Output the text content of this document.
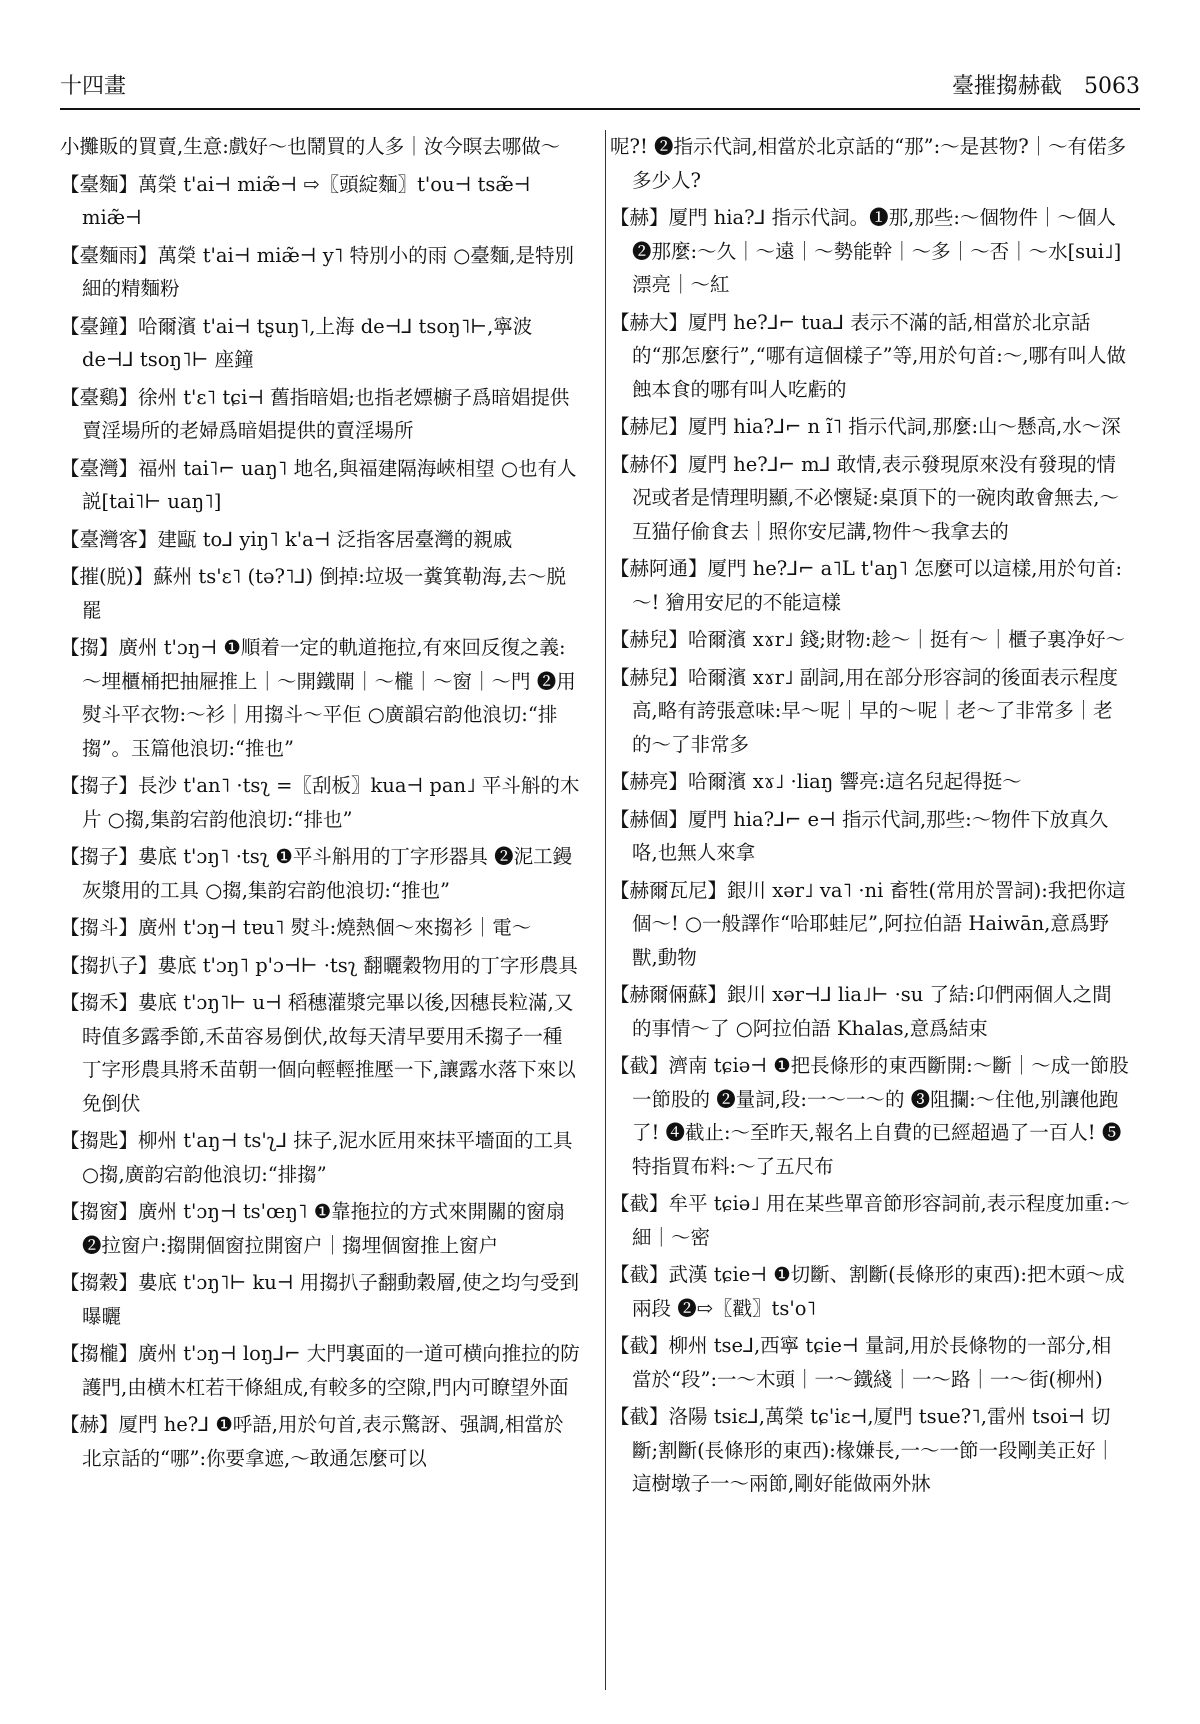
十四畫	臺摧搊赫截　5063

小攤販的買賣,生意:戲好～也鬧買的人多｜汝今暝去哪做～

【臺麵】萬榮 t'ai⊣ miæ̃⊣ ⇨〖頭綻麵〗t'ou⊣ tsæ̃⊣ miæ̃⊣

【臺麵雨】萬榮 t'ai⊣ miæ̃⊣ y˥ 特別小的雨 ○臺麵,是特別細的精麵粉

【臺鐘】哈爾濱 t'ai⊣ tʂuŋ˥,上海 de⊣⅃ tsoŋ˥⊢,寧波 de⊣⅃ tsoŋ˥⊢ 座鐘

【臺鷄】徐州 t'ɛ˥ tɕi⊣ 舊指暗娼;也指老嫖櫥子爲暗娼提供賣淫場所的老婦爲暗娼提供的賣淫場所

【臺灣】福州 tai˥⌐ uaŋ˥ 地名,與福建隔海峽相望 ○也有人説[tai˥⊢ uaŋ˥]

【臺灣客】建甌 to⅃ yiŋ˥ k'a⊣ 泛指客居臺灣的親戚

【摧(脱)】蘇州 ts'ɛ˥ (tə?˥⅃) 倒掉:垃圾一糞箕勒海,去～脱罷

【搊】廣州 t'ɔŋ⊣ ❶順着一定的軌道拖拉,有來回反復之義:～埋櫃桶把抽屜推上｜～開鐵閘｜～櫳｜～窗｜～門 ❷用熨斗平衣物:～衫｜用搊斗～平佢 ○廣韻宕韵他浪切:“排搊”。玉篇他浪切:“推也”

【搊子】長沙 t'an˥ ·tsʅ =〖刮板〗kua⊣ pan˩ 平斗斛的木片 ○搊,集韵宕韵他浪切:“排也”

【搊子】婁底 t'ɔŋ˥ ·tsʅ ❶平斗斛用的丁字形器具 ❷泥工鏝灰漿用的工具 ○搊,集韵宕韵他浪切:“推也”

【搊斗】廣州 t'ɔŋ⊣ tɐu˥ 熨斗:燒熱個～來搊衫｜電～

【搊扒子】婁底 t'ɔŋ˥ p'ɔ⊣⊢ ·tsʅ 翻曬穀物用的丁字形農具

【搊禾】婁底 t'ɔŋ˥⊢ u⊣ 稻穗灌漿完畢以後,因穗長粒滿,又時值多露季節,禾苗容易倒伏,故每天清早要用禾搊子一種丁字形農具將禾苗朝一個向輕輕推壓一下,讓露水落下來以免倒伏

【搊匙】柳州 t'aŋ⊣ ts'ʅ⅃ 抹子,泥水匠用來抹平墻面的工具 ○搊,廣韵宕韵他浪切:“排搊”

【搊窗】廣州 t'ɔŋ⊣ ts'œŋ˥ ❶靠拖拉的方式來開關的窗扇 ❷拉窗户:搊開個窗拉開窗户｜搊埋個窗推上窗户

【搊穀】婁底 t'ɔŋ˥⊢ ku⊣ 用搊扒子翻動穀層,使之均勻受到曝曬

【搊櫳】廣州 t'ɔŋ⊣ loŋ⅃⌐ 大門裏面的一道可横向推拉的防護門,由横木杠若干條組成,有較多的空隙,門内可瞭望外面

【赫】厦門 he?⅃ ❶呼語,用於句首,表示驚訝、强調,相當於北京話的“哪”:你要拿遮,～敢通怎麼可以

呢?! ❷指示代詞,相當於北京話的“那”:～是甚物?｜～有偌多多少人?

【赫】厦門 hia?⅃ 指示代詞。❶那,那些:～個物件｜～個人 ❷那麼:～久｜～遠｜～勢能幹｜～多｜～否｜～水[sui˩]漂亮｜～紅

【赫大】厦門 he?⅃⌐ tua⅃ 表示不滿的話,相當於北京話的“那怎麼行”,“哪有這個樣子”等,用於句首:～,哪有叫人做蝕本食的哪有叫人吃虧的

【赫尼】厦門 hia?⅃⌐ n ĩ˥ 指示代詞,那麼:山～懸高,水～深

【赫伓】厦門 he?⅃⌐ m⅃ 敢情,表示發現原來没有發現的情况或者是情理明顯,不必懷疑:桌頂下的一碗肉敢會無去,～互猫仔偷食去｜照你安尼講,物件～我拿去的

【赫阿通】厦門 he?⅃⌐ a˥L t'aŋ˥ 怎麼可以這樣,用於句首:～! 獪用安尼的不能這樣

【赫兒】哈爾濱 xɤr˩ 錢;財物:趁～｜挺有～｜櫃子裏净好～

【赫兒】哈爾濱 xɤr˩ 副詞,用在部分形容詞的後面表示程度高,略有誇張意味:早～呢｜早的～呢｜老～了非常多｜老的～了非常多

【赫亮】哈爾濱 xɤ˩ ·liaŋ 響亮:這名兒起得挺～

【赫個】厦門 hia?⅃⌐ e⊣ 指示代詞,那些:～物件下放真久咯,也無人來拿

【赫爾瓦尼】銀川 xər˩ va˥ ·ni 畜牲(常用於詈詞):我把你這個～! ○一般譯作“哈耶蛙尼”,阿拉伯語 Haiwān,意爲野獸,動物

【赫爾倆蘇】銀川 xər⊣⅃ lia˩⊢ ·su 了結:卬們兩個人之間的事情～了 ○阿拉伯語 Khalas,意爲結束

【截】濟南 tɕiə⊣ ❶把長條形的東西斷開:～斷｜～成一節股一節股的 ❷量詞,段:一～一～的 ❸阻攔:～住他,别讓他跑了! ❹截止:～至昨天,報名上自費的已經超過了一百人! ❺特指買布料:～了五尺布

【截】牟平 tɕiə˩ 用在某些單音節形容詞前,表示程度加重:～細｜～密

【截】武漢 tɕie⊣ ❶切斷、割斷(長條形的東西):把木頭～成兩段 ❷⇨〖戳〗ts'o˥

【截】柳州 tse⅃,西寧 tɕie⊣ 量詞,用於長條物的一部分,相當於“段”:一～木頭｜一～鐵綫｜一～路｜一～街(柳州)

【截】洛陽 tsiɛ⅃,萬榮 tɕ'iɛ⊣,厦門 tsue?˥,雷州 tsoi⊣ 切斷;割斷(長條形的東西):椽嫌長,一～一節一段剛美正好｜這樹墩子一～兩節,剛好能做兩外牀
